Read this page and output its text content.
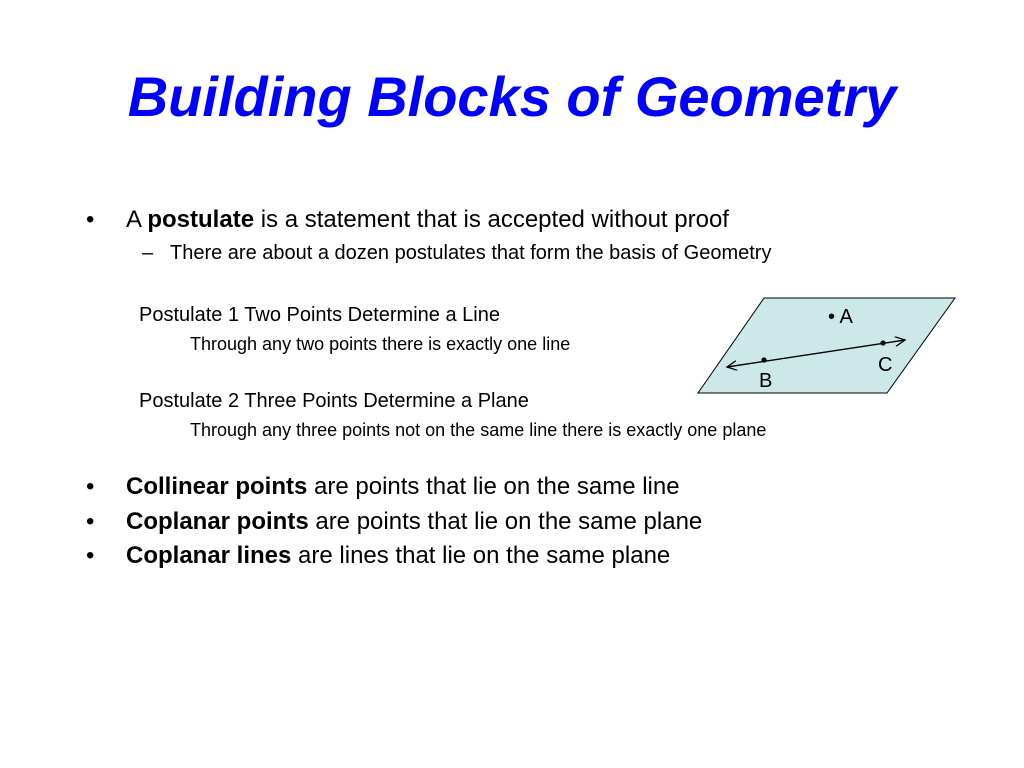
Building Blocks of Geometry
• A postulate is a statement that is accepted without proof
– There are about a dozen postulates that form the basis of Geometry
Postulate 1 Two Points Determine a Line
Through any two points there is exactly one line
Postulate 2 Three Points Determine a Plane
Through any three points not on the same line there is exactly one plane
• Collinear points are points that lie on the same line
• Coplanar points are points that lie on the same plane
• Coplanar lines are lines that lie on the same plane
• A
B
C
